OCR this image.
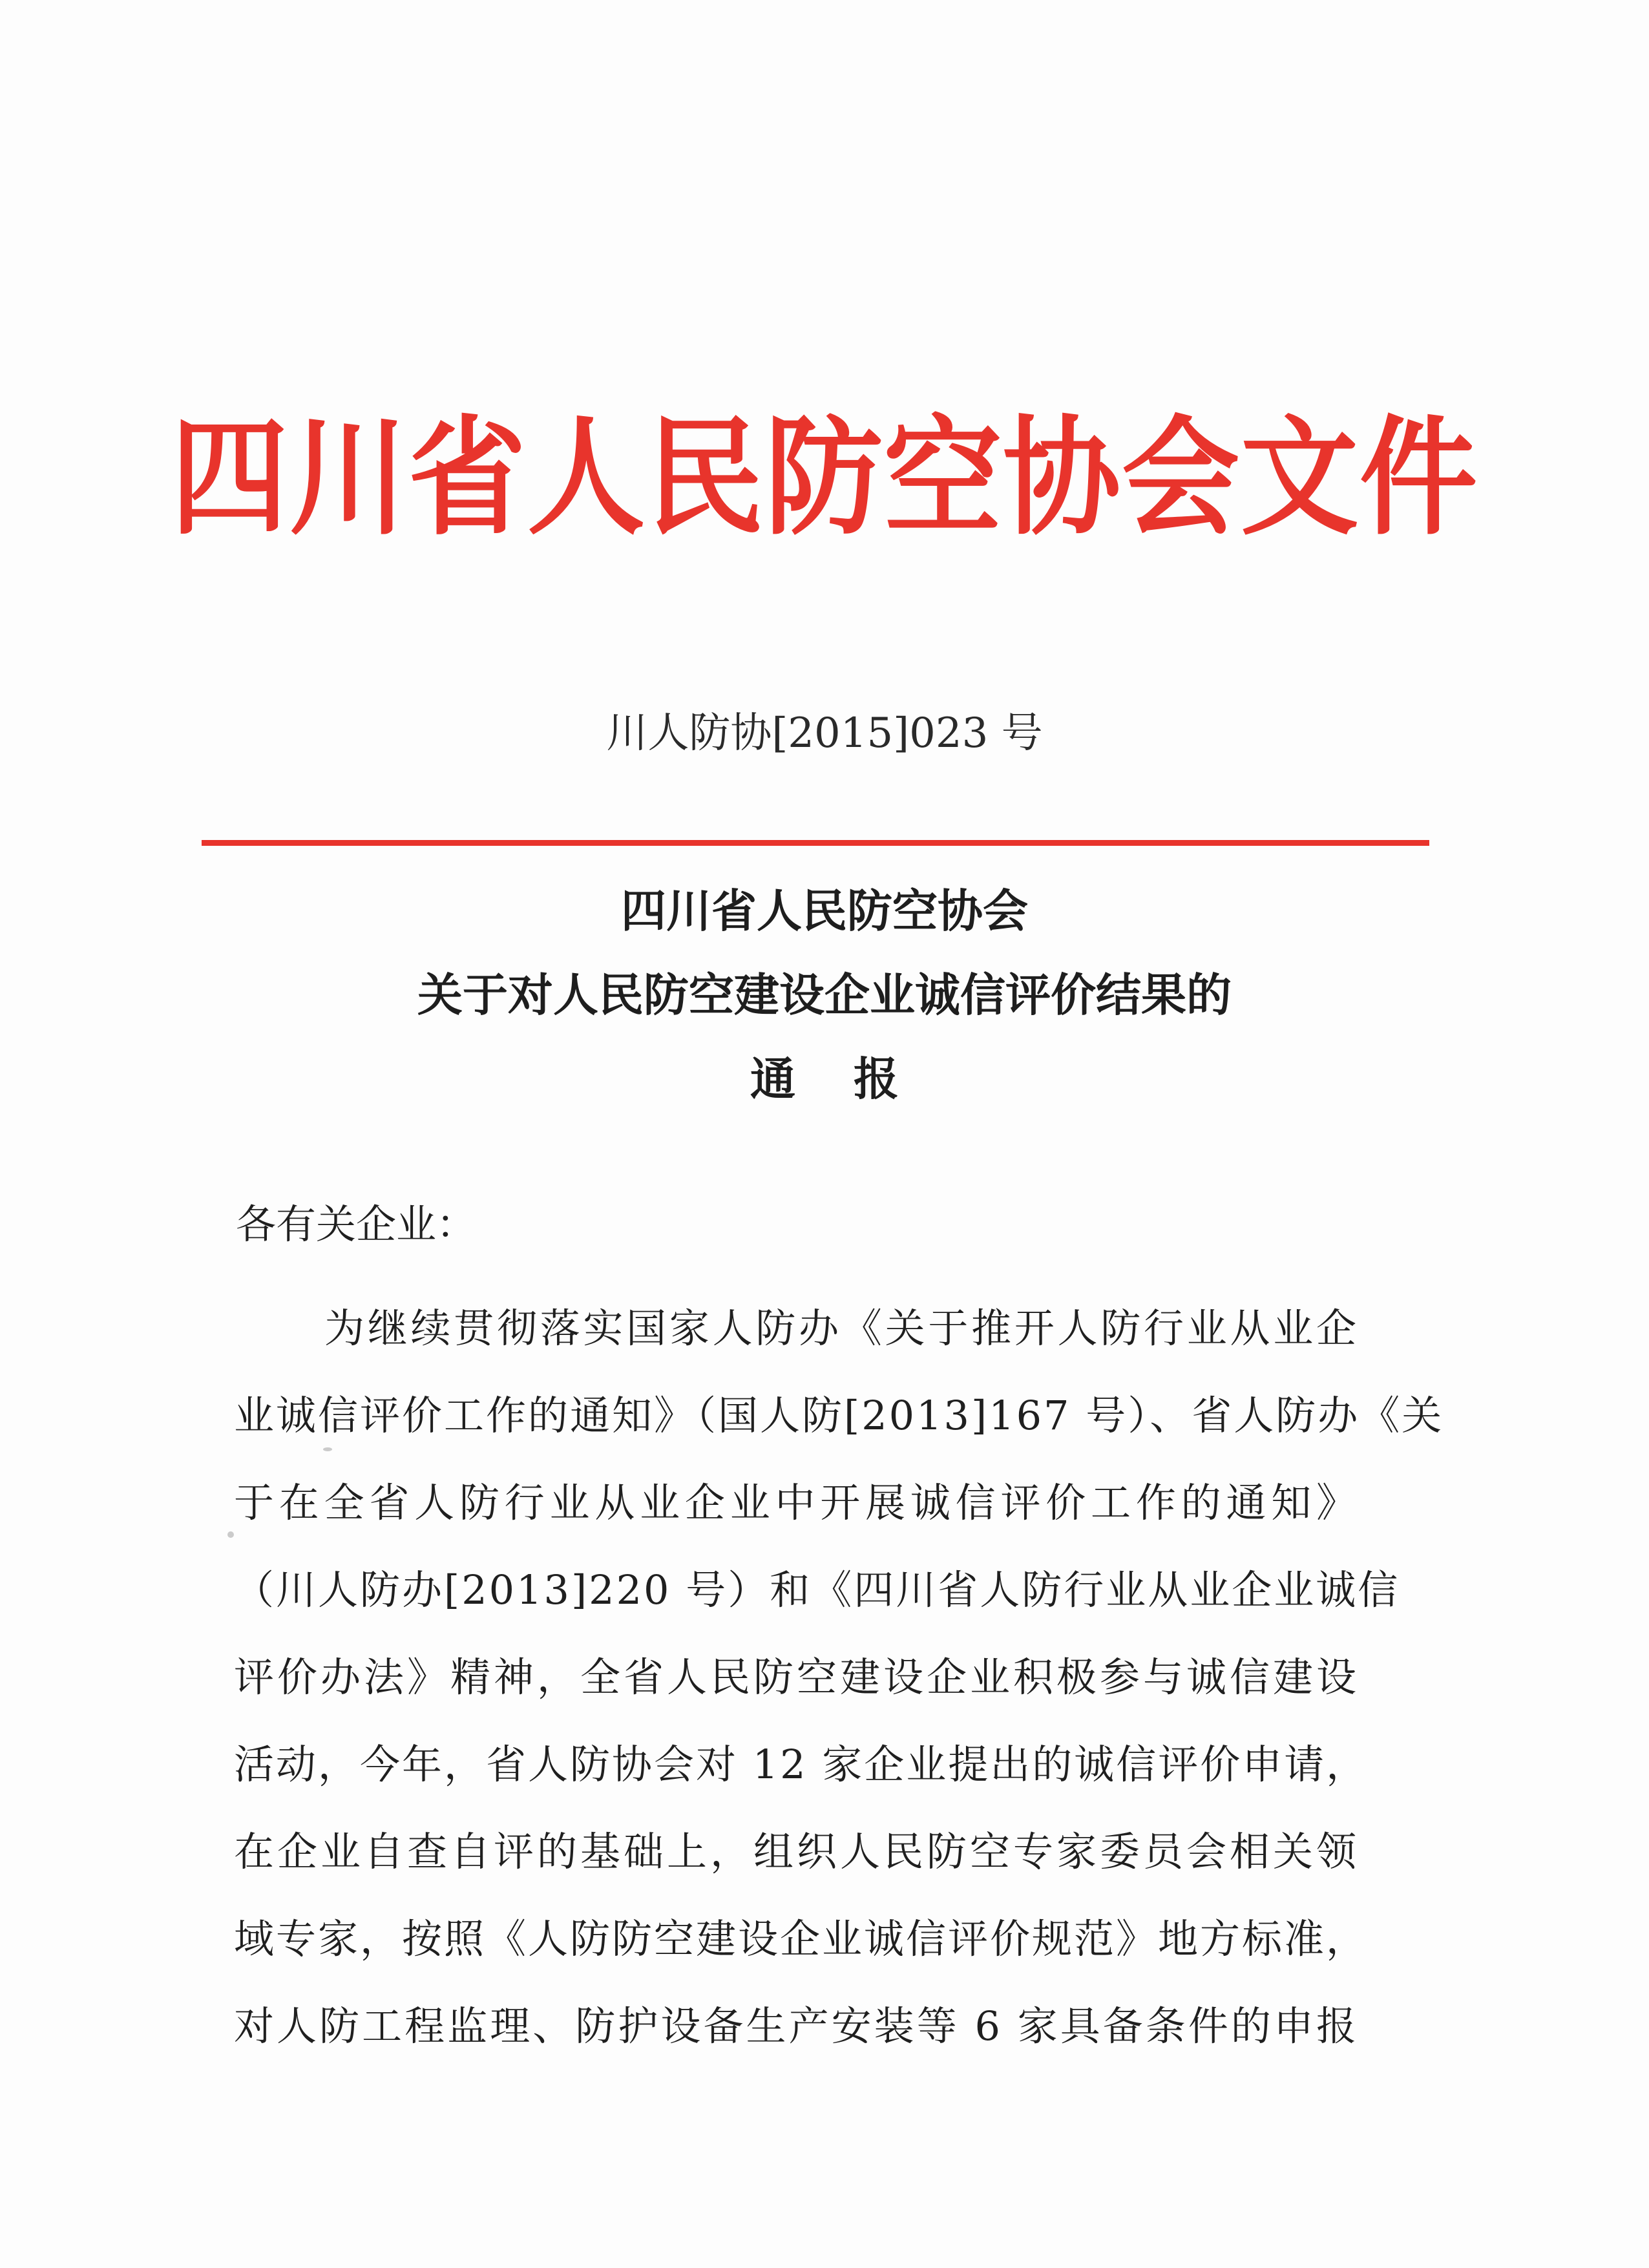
四川省人民防空协会文件
川人防协[2015]023 号
四川省人民防空协会
关于对人民防空建设企业诚信评价结果的
通报
各有关企业：
为继续贯彻落实国家人防办《关于推开人防行业从业企
业诚信评价工作的通知》（国人防[2013]167 号）、省人防办《关
于在全省人防行业从业企业中开展诚信评价工作的通知》
（川人防办[2013]220 号）和《四川省人防行业从业企业诚信
评价办法》精神，全省人民防空建设企业积极参与诚信建设
活动，今年，省人防协会对 12 家企业提出的诚信评价申请，
在企业自查自评的基础上，组织人民防空专家委员会相关领
域专家，按照《人防防空建设企业诚信评价规范》地方标准，
对人防工程监理、防护设备生产安装等 6 家具备条件的申报
